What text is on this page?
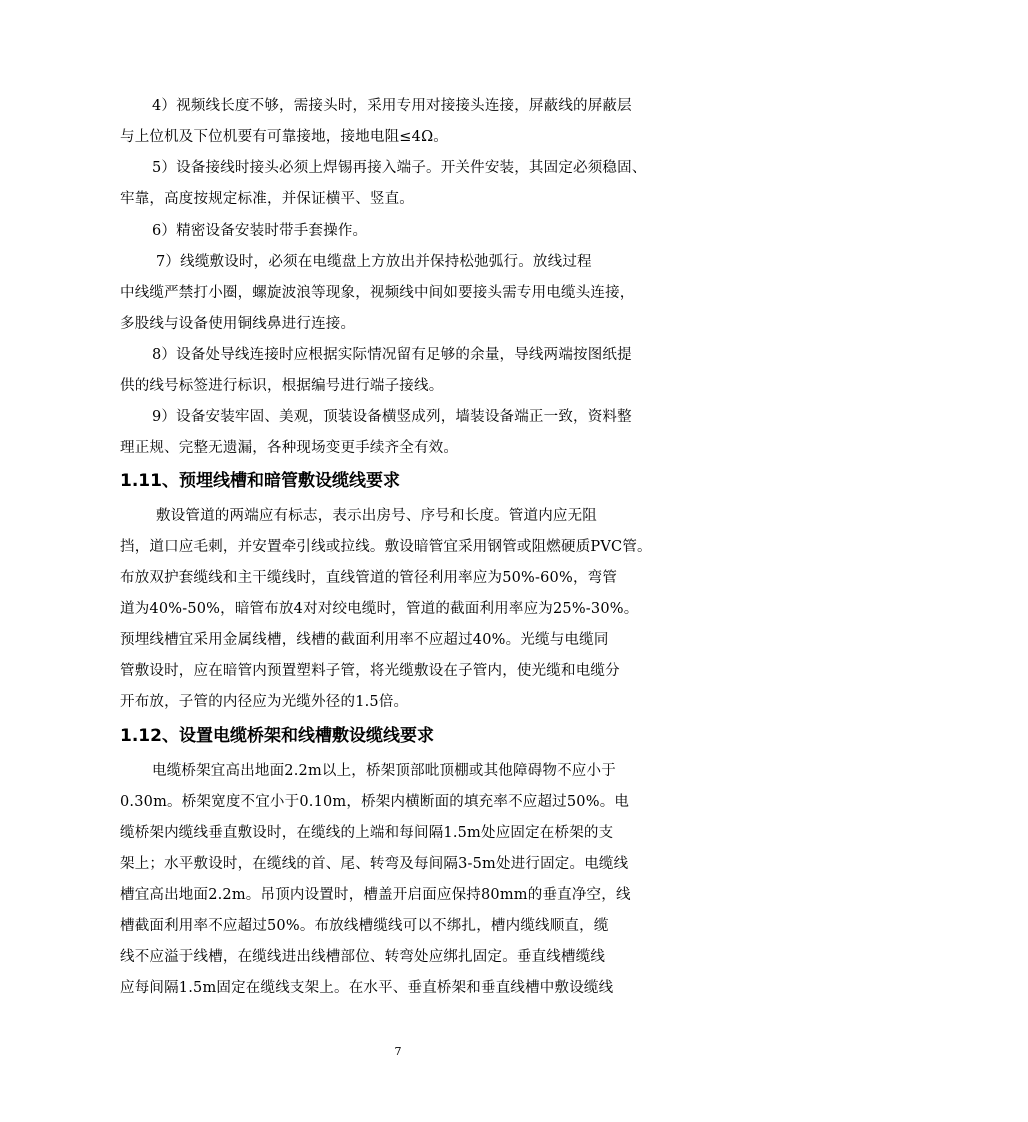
4）视频线长度不够，需接头时，采用专用对接接头连接，屏蔽线的屏蔽层
与上位机及下位机要有可靠接地，接地电阻≤4Ω。
5）设备接线时接头必须上焊锡再接入端子。开关件安装，其固定必须稳固、
牢靠，高度按规定标准，并保证横平、竖直。
6）精密设备安装时带手套操作。
7）线缆敷设时，必须在电缆盘上方放出并保持松弛弧行。放线过程
中线缆严禁打小圈，螺旋波浪等现象，视频线中间如要接头需专用电缆头连接，
多股线与设备使用铜线鼻进行连接。
8）设备处导线连接时应根据实际情况留有足够的余量，导线两端按图纸提
供的线号标签进行标识，根据编号进行端子接线。
9）设备安装牢固、美观，顶装设备横竖成列，墙装设备端正一致，资料整
理正规、完整无遗漏，各种现场变更手续齐全有效。
1.11、预埋线槽和暗管敷设缆线要求
敷设管道的两端应有标志，表示出房号、序号和长度。管道内应无阻
挡，道口应毛刺，并安置牵引线或拉线。敷设暗管宜采用钢管或阻燃硬质PVC管。
布放双护套缆线和主干缆线时，直线管道的管径利用率应为50%-60%，弯管
道为40%-50%，暗管布放4对对绞电缆时，管道的截面利用率应为25%-30%。
预埋线槽宜采用金属线槽，线槽的截面利用率不应超过40%。光缆与电缆同
管敷设时，应在暗管内预置塑料子管，将光缆敷设在子管内，使光缆和电缆分
开布放，子管的内径应为光缆外径的1.5倍。
1.12、设置电缆桥架和线槽敷设缆线要求
电缆桥架宜高出地面2.2m以上，桥架顶部吡顶棚或其他障碍物不应小于
0.30m。桥架宽度不宜小于0.10m，桥架内横断面的填充率不应超过50%。电
缆桥架内缆线垂直敷设时，在缆线的上端和每间隔1.5m处应固定在桥架的支
架上；水平敷设时，在缆线的首、尾、转弯及每间隔3-5m处进行固定。电缆线
槽宜高出地面2.2m。吊顶内设置时，槽盖开启面应保持80mm的垂直净空，线
槽截面利用率不应超过50%。布放线槽缆线可以不绑扎，槽内缆线顺直，缆
线不应溢于线槽，在缆线进出线槽部位、转弯处应绑扎固定。垂直线槽缆线
应每间隔1.5m固定在缆线支架上。在水平、垂直桥架和垂直线槽中敷设缆线
7
